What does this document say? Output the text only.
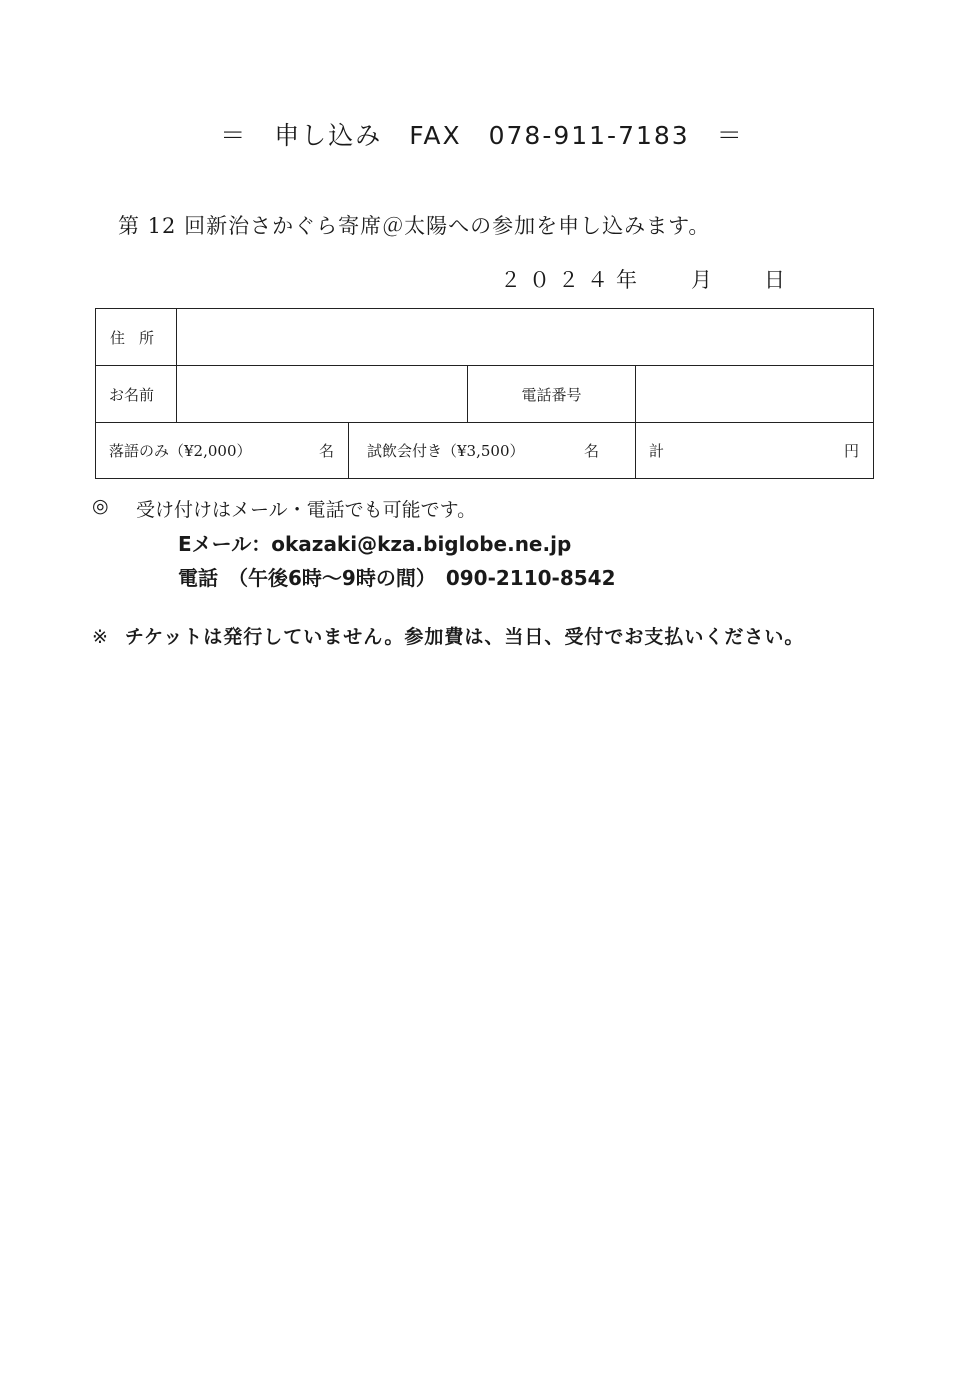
＝　申し込み　FAX　078-911-7183　＝
第 12 回新治さかぐら寄席＠太陽への参加を申し込みます。
２０２４年 月 日
住所
お名前	電話番号
落語のみ（¥2,000）	名 試飲会付き（¥3,500）	名	計	円
◎ 受け付けはメール・電話でも可能です。
Eメール：okazaki@kza.biglobe.ne.jp
電話　（午後6時～9時の間）　090-2110-8542
※ チケットは発行していません。参加費は、当日、受付でお支払いください。
